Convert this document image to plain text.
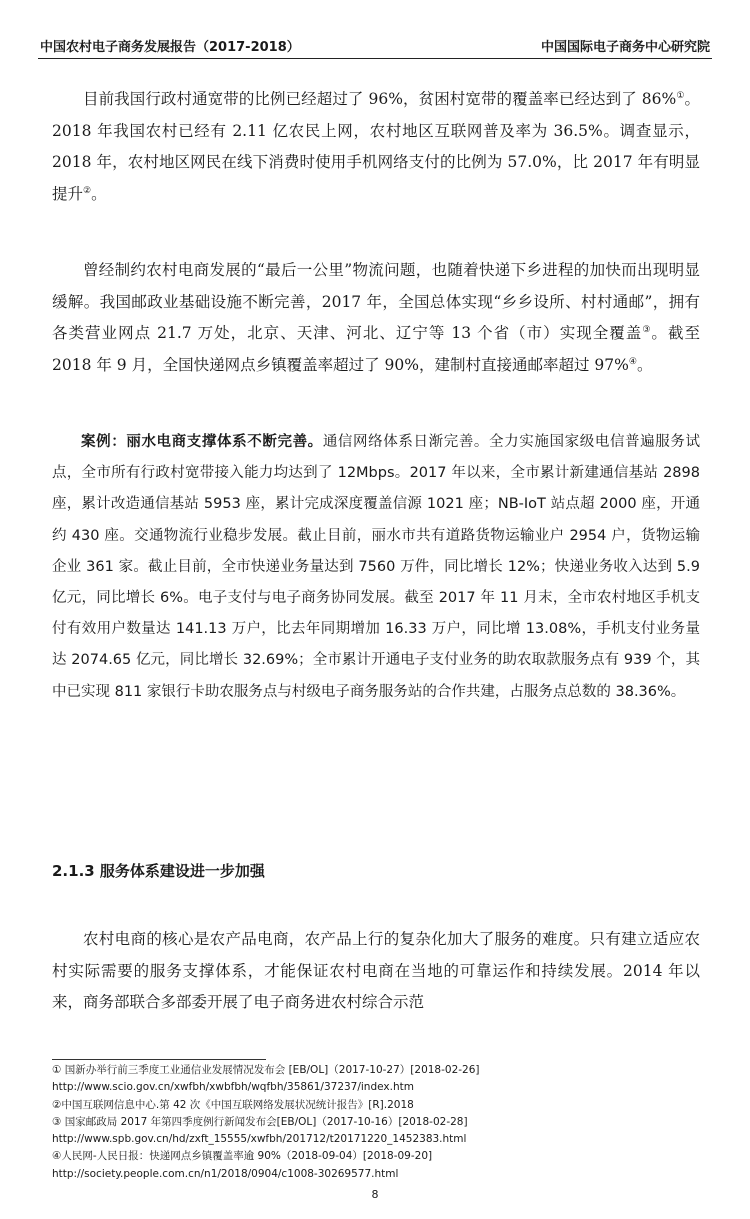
中国农村电子商务发展报告（2017-2018）	中国国际电子商务中心研究院

目前我国行政村通宽带的比例已经超过了 96%，贫困村宽带的覆盖率已经达到了 86%①。2018 年我国农村已经有 2.11 亿农民上网，农村地区互联网普及率为 36.5%。调查显示，2018 年，农村地区网民在线下消费时使用手机网络支付的比例为 57.0%，比 2017 年有明显提升②。

曾经制约农村电商发展的“最后一公里”物流问题，也随着快递下乡进程的加快而出现明显缓解。我国邮政业基础设施不断完善，2017 年，全国总体实现“乡乡设所、村村通邮”，拥有各类营业网点 21.7 万处，北京、天津、河北、辽宁等 13 个省（市）实现全覆盖③。截至 2018 年 9 月，全国快递网点乡镇覆盖率超过了 90%，建制村直接通邮率超过 97%④。

案例：丽水电商支撑体系不断完善。通信网络体系日渐完善。全力实施国家级电信普遍服务试点，全市所有行政村宽带接入能力均达到了 12Mbps。2017 年以来，全市累计新建通信基站 2898 座，累计改造通信基站 5953 座，累计完成深度覆盖信源 1021 座；NB-IoT 站点超 2000 座，开通约 430 座。交通物流行业稳步发展。截止目前，丽水市共有道路货物运输业户 2954 户，货物运输企业 361 家。截止目前，全市快递业务量达到 7560 万件，同比增长 12%；快递业务收入达到 5.9 亿元，同比增长 6%。电子支付与电子商务协同发展。截至 2017 年 11 月末，全市农村地区手机支付有效用户数量达 141.13 万户，比去年同期增加 16.33 万户，同比增 13.08%，手机支付业务量达 2074.65 亿元，同比增长 32.69%；全市累计开通电子支付业务的助农取款服务点有 939 个，其中已实现 811 家银行卡助农服务点与村级电子商务服务站的合作共建，占服务点总数的 38.36%。

2.1.3 服务体系建设进一步加强

农村电商的核心是农产品电商，农产品上行的复杂化加大了服务的难度。只有建立适应农村实际需要的服务支撑体系，才能保证农村电商在当地的可靠运作和持续发展。2014 年以来，商务部联合多部委开展了电子商务进农村综合示范

① 国新办举行前三季度工业通信业发展情况发布会 [EB/OL]（2017-10-27）[2018-02-26]
http://www.scio.gov.cn/xwfbh/xwbfbh/wqfbh/35861/37237/index.htm
②中国互联网信息中心.第 42 次《中国互联网络发展状况统计报告》[R].2018
③ 国家邮政局 2017 年第四季度例行新闻发布会[EB/OL]（2017-10-16）[2018-02-28]
http://www.spb.gov.cn/hd/zxft_15555/xwfbh/201712/t20171220_1452383.html
④人民网-人民日报：快递网点乡镇覆盖率逾 90%（2018-09-04）[2018-09-20]
http://society.people.com.cn/n1/2018/0904/c1008-30269577.html
8
